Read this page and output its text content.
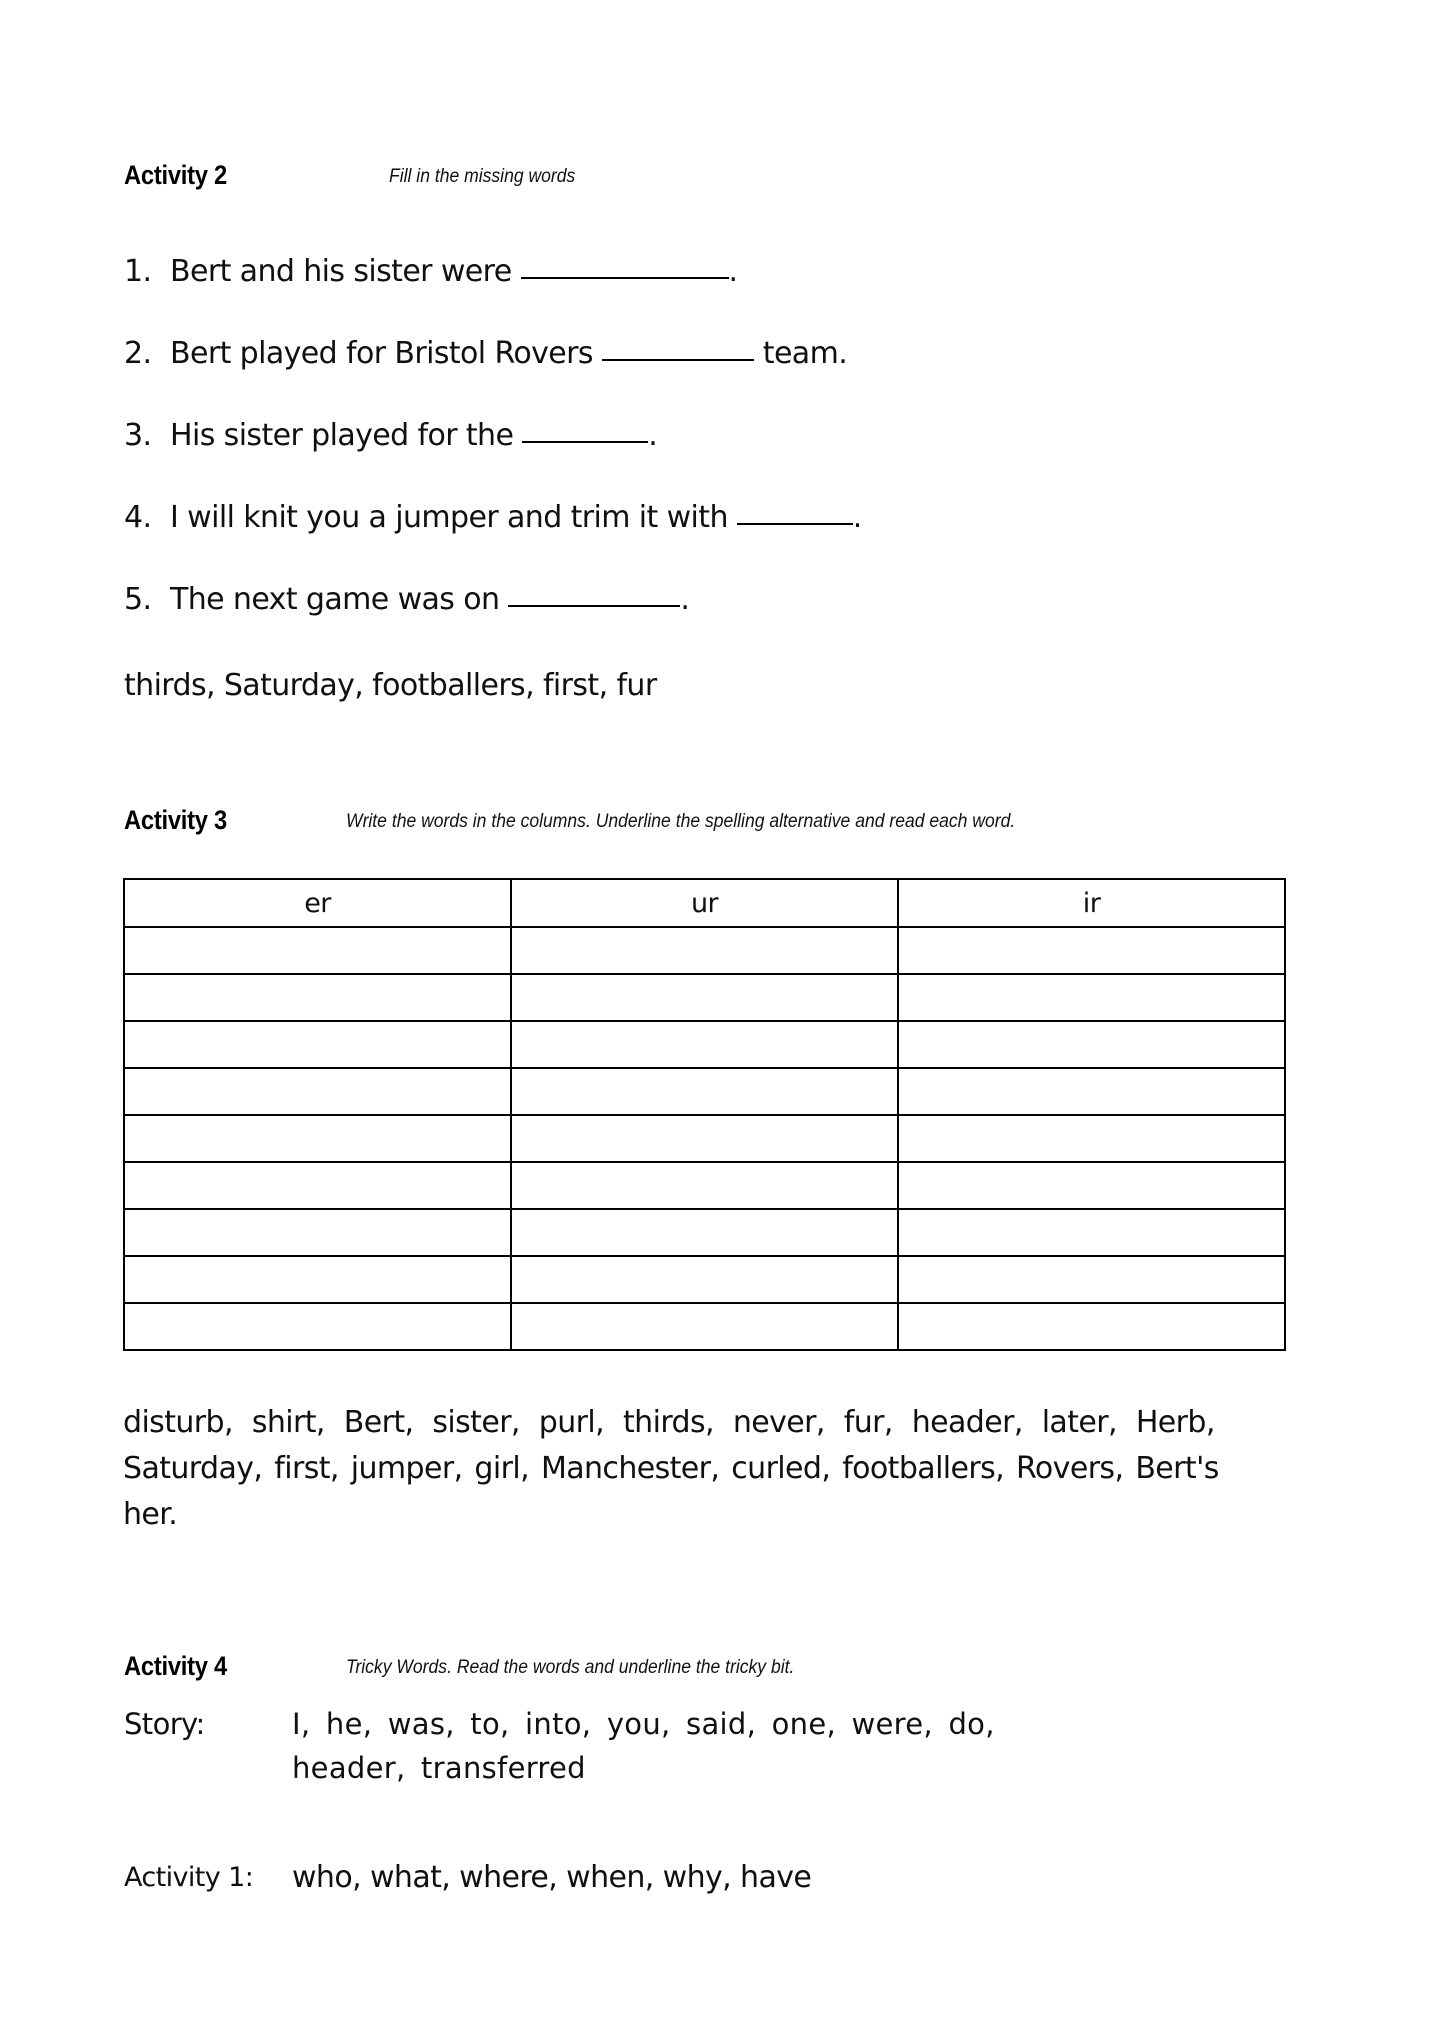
Activity 2	Fill in the missing words
1. Bert and his sister were	.
2. Bert played for Bristol Rovers	team.
3. His sister played for the	.
4. I will knit you a jumper and trim it with	.
5. The next game was on	.
thirds, Saturday, footballers, first, fur
Activity 3	Write the words in the columns. Underline the spelling alternative and read each word.
er	ur	ir

disturb, shirt, Bert, sister, purl, thirds, never, fur, header, later, Herb,
Saturday, first, jumper, girl, Manchester, curled, footballers, Rovers, Bert's
her.
Activity 4	Tricky Words. Read the words and underline the tricky bit.
Story:	I, he, was, to, into, you, said, one, were, do,
header, transferred
Activity 1: who, what, where, when, why, have
